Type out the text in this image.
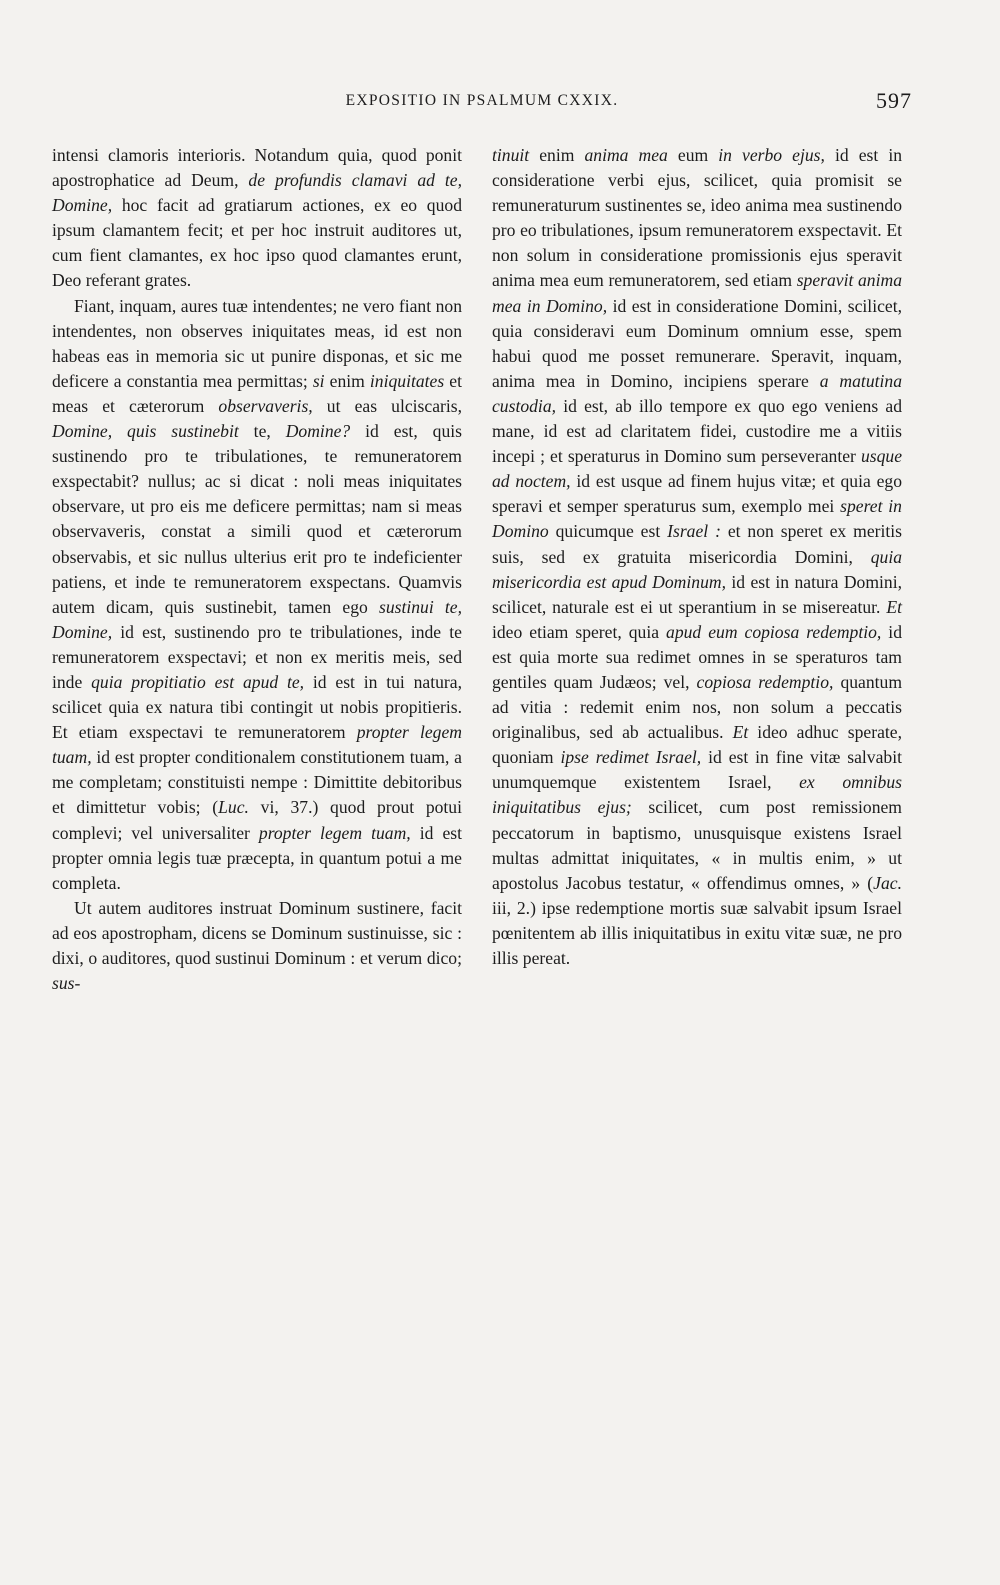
EXPOSITIO IN PSALMUM CXXIX.	597

intensi clamoris interioris. Notandum quia, quod ponit apostrophatice ad Deum, de profundis clamavi ad te, Domine, hoc facit ad gratiarum actiones, ex eo quod ipsum clamantem fecit; et per hoc instruit auditores ut, cum fient clamantes, ex hoc ipso quod clamantes erunt, Deo referant grates.

Fiant, inquam, aures tuæ intendentes; ne vero fiant non intendentes, non observes iniquitates meas, id est non habeas eas in memoria sic ut punire disponas, et sic me deficere a constantia mea permittas; si enim iniquitates et meas et cæterorum observaveris, ut eas ulciscaris, Domine, quis sustinebit te, Domine? id est, quis sustinendo pro te tribulationes, te remuneratorem exspectabit? nullus; ac si dicat : noli meas iniquitates observare, ut pro eis me deficere permittas; nam si meas observaveris, constat a simili quod et cæterorum observabis, et sic nullus ulterius erit pro te indeficienter patiens, et inde te remuneratorem exspectans. Quamvis autem dicam, quis sustinebit, tamen ego sustinui te, Domine, id est, sustinendo pro te tribulationes, inde te remuneratorem exspectavi; et non ex meritis meis, sed inde quia propitiatio est apud te, id est in tui natura, scilicet quia ex natura tibi contingit ut nobis propitieris. Et etiam exspectavi te remuneratorem propter legem tuam, id est propter conditionalem constitutionem tuam, a me completam; constituisti nempe : Dimittite debitoribus et dimittetur vobis; (Luc. vi, 37.) quod prout potui complevi; vel universaliter propter legem tuam, id est propter omnia legis tuæ præcepta, in quantum potui a me completa.

Ut autem auditores instruat Dominum sustinere, facit ad eos apostropham, dicens se Dominum sustinuisse, sic : dixi, o auditores, quod sustinui Dominum : et verum dico; sus-

tinuit enim anima mea eum in verbo ejus, id est in consideratione verbi ejus, scilicet, quia promisit se remuneraturum sustinentes se, ideo anima mea sustinendo pro eo tribulationes, ipsum remuneratorem exspectavit. Et non solum in consideratione promissionis ejus speravit anima mea eum remuneratorem, sed etiam speravit anima mea in Domino, id est in consideratione Domini, scilicet, quia consideravi eum Dominum omnium esse, spem habui quod me posset remunerare. Speravit, inquam, anima mea in Domino, incipiens sperare a matutina custodia, id est, ab illo tempore ex quo ego veniens ad mane, id est ad claritatem fidei, custodire me a vitiis incepi ; et speraturus in Domino sum perseveranter usque ad noctem, id est usque ad finem hujus vitæ; et quia ego speravi et semper speraturus sum, exemplo mei speret in Domino quicumque est Israel : et non speret ex meritis suis, sed ex gratuita misericordia Domini, quia misericordia est apud Dominum, id est in natura Domini, scilicet, naturale est ei ut sperantium in se misereatur. Et ideo etiam speret, quia apud eum copiosa redemptio, id est quia morte sua redimet omnes in se speraturos tam gentiles quam Judæos; vel, copiosa redemptio, quantum ad vitia : redemit enim nos, non solum a peccatis originalibus, sed ab actualibus. Et ideo adhuc sperate, quoniam ipse redimet Israel, id est in fine vitæ salvabit unumquemque existentem Israel, ex omnibus iniquitatibus ejus; scilicet, cum post remissionem peccatorum in baptismo, unusquisque existens Israel multas admittat iniquitates, « in multis enim, » ut apostolus Jacobus testatur, « offendimus omnes, » (Jac. iii, 2.) ipse redemptione mortis suæ salvabit ipsum Israel pœnitentem ab illis iniquitatibus in exitu vitæ suæ, ne pro illis pereat.
